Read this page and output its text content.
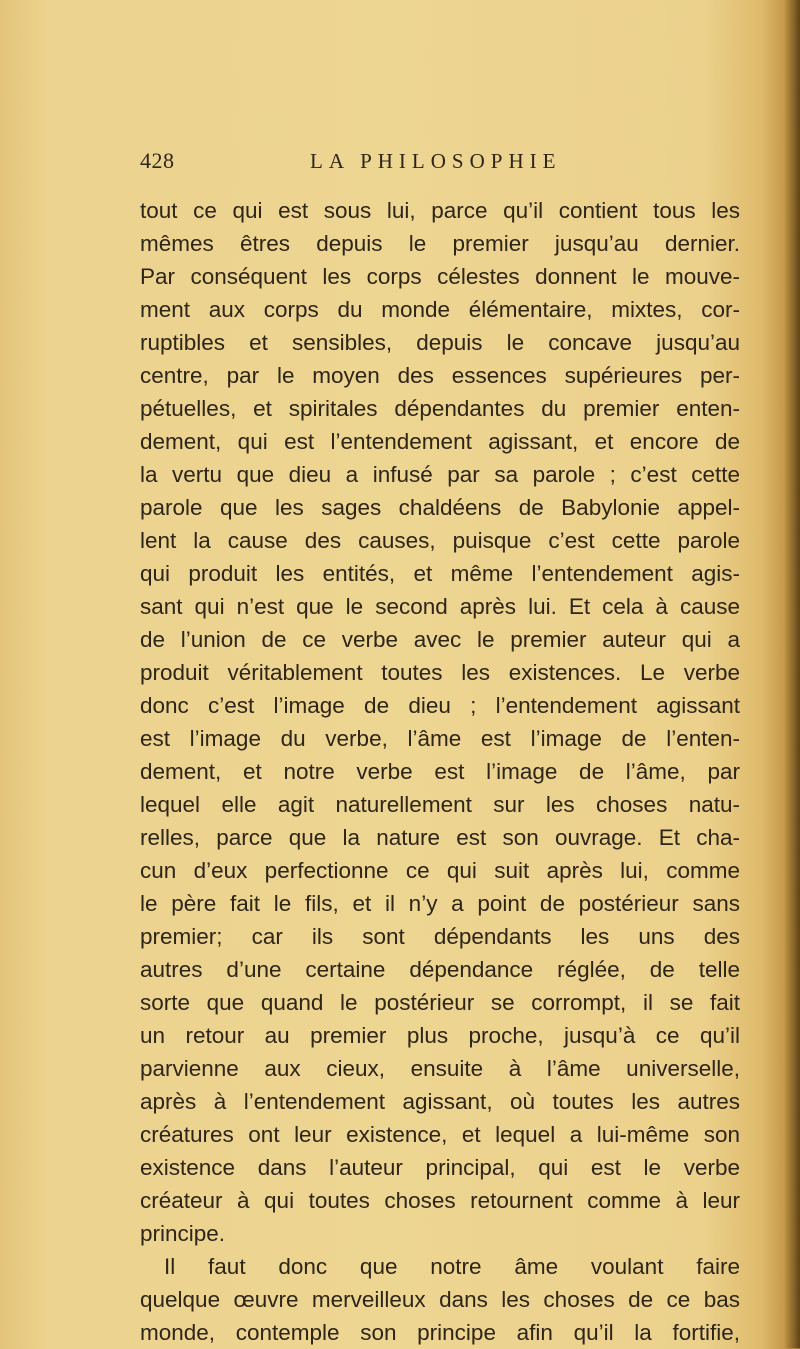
428	LA PHILOSOPHIE
tout ce qui est sous lui, parce qu’il contient tous les
mêmes êtres depuis le premier jusqu’au dernier.
Par conséquent les corps célestes donnent le mouve-
ment aux corps du monde élémentaire, mixtes, cor-
ruptibles et sensibles, depuis le concave jusqu’au
centre, par le moyen des essences supérieures per-
pétuelles, et spiritales dépendantes du premier enten-
dement, qui est l’entendement agissant, et encore de
la vertu que dieu a infusé par sa parole ; c’est cette
parole que les sages chaldéens de Babylonie appel-
lent la cause des causes, puisque c’est cette parole
qui produit les entités, et même l’entendement agis-
sant qui n’est que le second après lui. Et cela à cause
de l’union de ce verbe avec le premier auteur qui a
produit véritablement toutes les existences. Le verbe
donc c’est l’image de dieu ; l’entendement agissant
est l’image du verbe, l’âme est l’image de l’enten-
dement, et notre verbe est l’image de l’âme, par
lequel elle agit naturellement sur les choses natu-
relles, parce que la nature est son ouvrage. Et cha-
cun d’eux perfectionne ce qui suit après lui, comme
le père fait le fils, et il n’y a point de postérieur sans
premier; car ils sont dépendants les uns des
autres d’une certaine dépendance réglée, de telle
sorte que quand le postérieur se corrompt, il se fait
un retour au premier plus proche, jusqu’à ce qu’il
parvienne aux cieux, ensuite à l’âme universelle,
après à l’entendement agissant, où toutes les autres
créatures ont leur existence, et lequel a lui-même son
existence dans l’auteur principal, qui est le verbe
créateur à qui toutes choses retournent comme à leur
principe.
Il faut donc que notre âme voulant faire
quelque œuvre merveilleux dans les choses de ce bas
monde, contemple son principe afin qu’il la fortifie,
